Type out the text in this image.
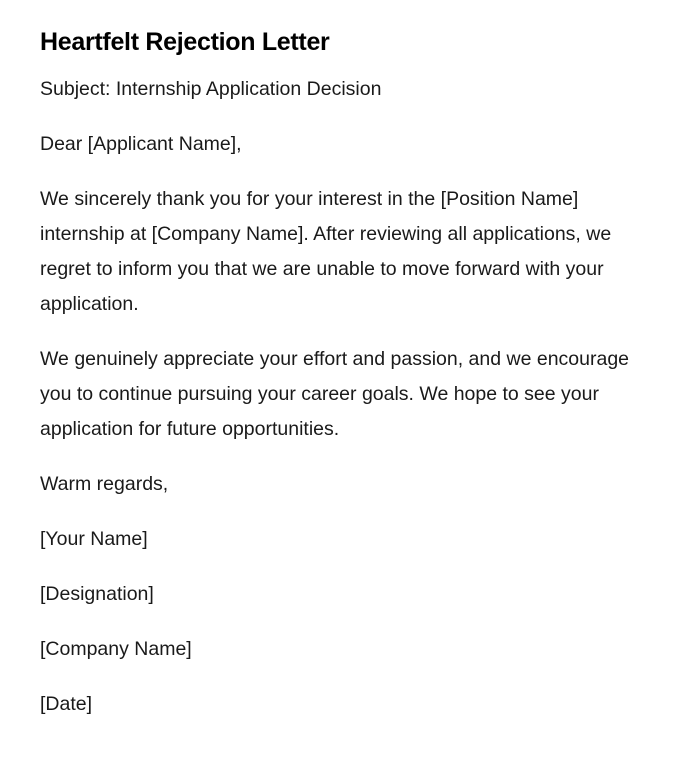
Heartfelt Rejection Letter

Subject: Internship Application Decision

Dear [Applicant Name],

We sincerely thank you for your interest in the [Position Name] internship at [Company Name]. After reviewing all applications, we regret to inform you that we are unable to move forward with your application.

We genuinely appreciate your effort and passion, and we encourage you to continue pursuing your career goals. We hope to see your application for future opportunities.

Warm regards,

[Your Name]

[Designation]

[Company Name]

[Date]
